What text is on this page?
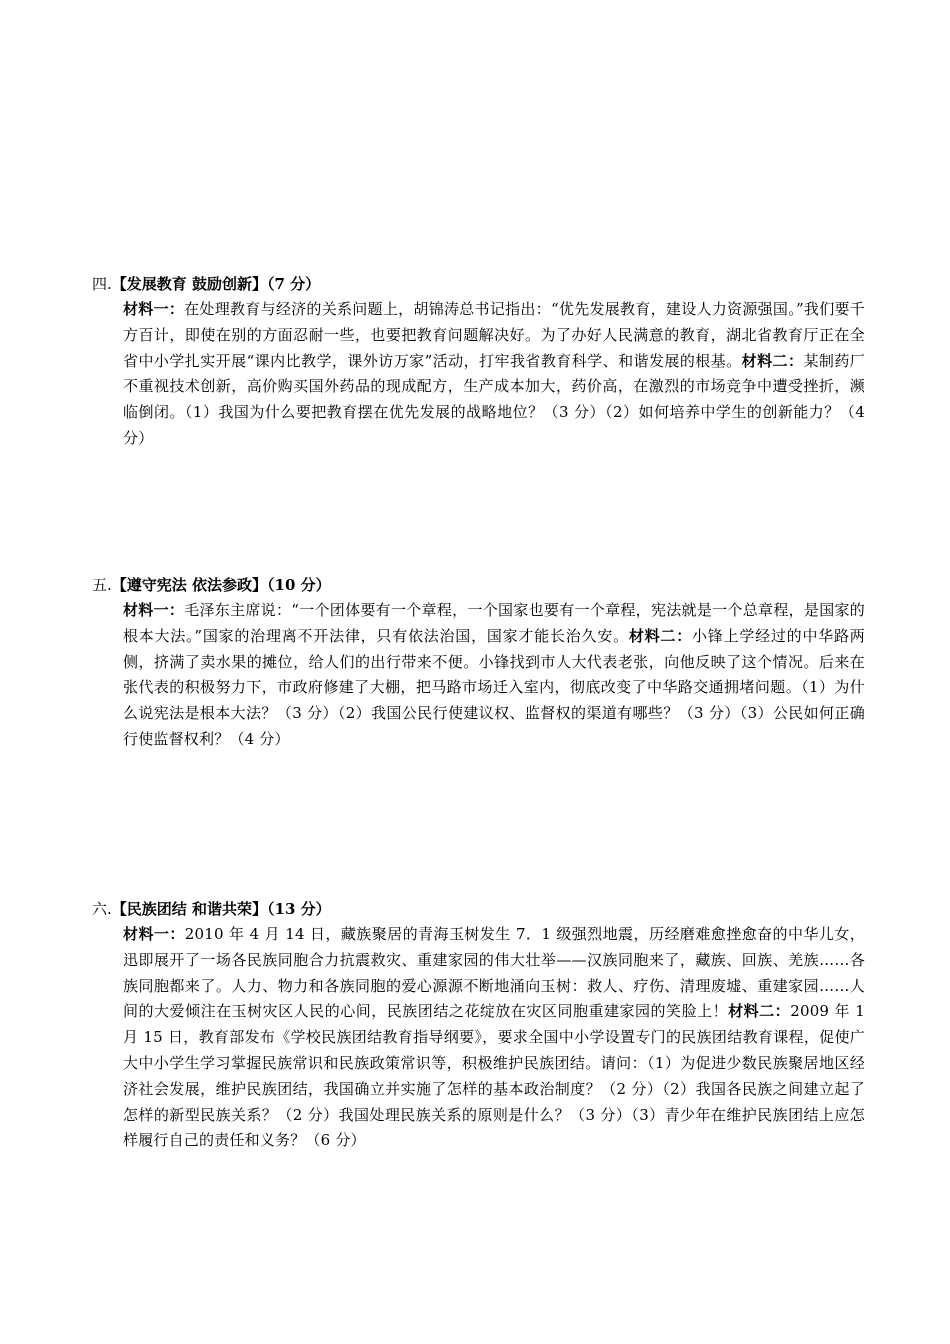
四.【发展教育 鼓励创新】（7 分）
材料一：在处理教育与经济的关系问题上，胡锦涛总书记指出：“优先发展教育，建设人力资源强国。”我们要千方百计，即使在别的方面忍耐一些，也要把教育问题解决好。为了办好人民满意的教育，湖北省教育厅正在全省中小学扎实开展“课内比教学，课外访万家”活动，打牢我省教育科学、和谐发展的根基。材料二：某制药厂不重视技术创新，高价购买国外药品的现成配方，生产成本加大，药价高，在激烈的市场竞争中遭受挫折，濒临倒闭。（1）我国为什么要把教育摆在优先发展的战略地位？（3 分）（2）如何培养中学生的创新能力？（4 分）
五.【遵守宪法 依法参政】（10 分）
材料一：毛泽东主席说：“一个团体要有一个章程，一个国家也要有一个章程，宪法就是一个总章程，是国家的根本大法。”国家的治理离不开法律，只有依法治国，国家才能长治久安。材料二：小锋上学经过的中华路两侧，挤满了卖水果的摊位，给人们的出行带来不便。小锋找到市人大代表老张，向他反映了这个情况。后来在张代表的积极努力下，市政府修建了大棚，把马路市场迁入室内，彻底改变了中华路交通拥堵问题。（1）为什么说宪法是根本大法？（3 分）（2）我国公民行使建议权、监督权的渠道有哪些？（3 分）（3）公民如何正确行使监督权利？（4 分）
六.【民族团结 和谐共荣】（13 分）
材料一：2010 年 4 月 14 日，藏族聚居的青海玉树发生 7．1 级强烈地震，历经磨难愈挫愈奋的中华儿女，迅即展开了一场各民族同胞合力抗震救灾、重建家园的伟大壮举——汉族同胞来了，藏族、回族、羌族……各族同胞都来了。人力、物力和各族同胞的爱心源源不断地涌向玉树：救人、疗伤、清理废墟、重建家园……人间的大爱倾注在玉树灾区人民的心间，民族团结之花绽放在灾区同胞重建家园的笑脸上！材料二：2009 年 1 月 15 日，教育部发布《学校民族团结教育指导纲要》，要求全国中小学设置专门的民族团结教育课程，促使广大中小学生学习掌握民族常识和民族政策常识等，积极维护民族团结。请问：（1）为促进少数民族聚居地区经济社会发展，维护民族团结，我国确立并实施了怎样的基本政治制度？（2 分）（2）我国各民族之间建立起了怎样的新型民族关系？（2 分）我国处理民族关系的原则是什么？（3 分）（3）青少年在维护民族团结上应怎样履行自己的责任和义务？（6 分）
